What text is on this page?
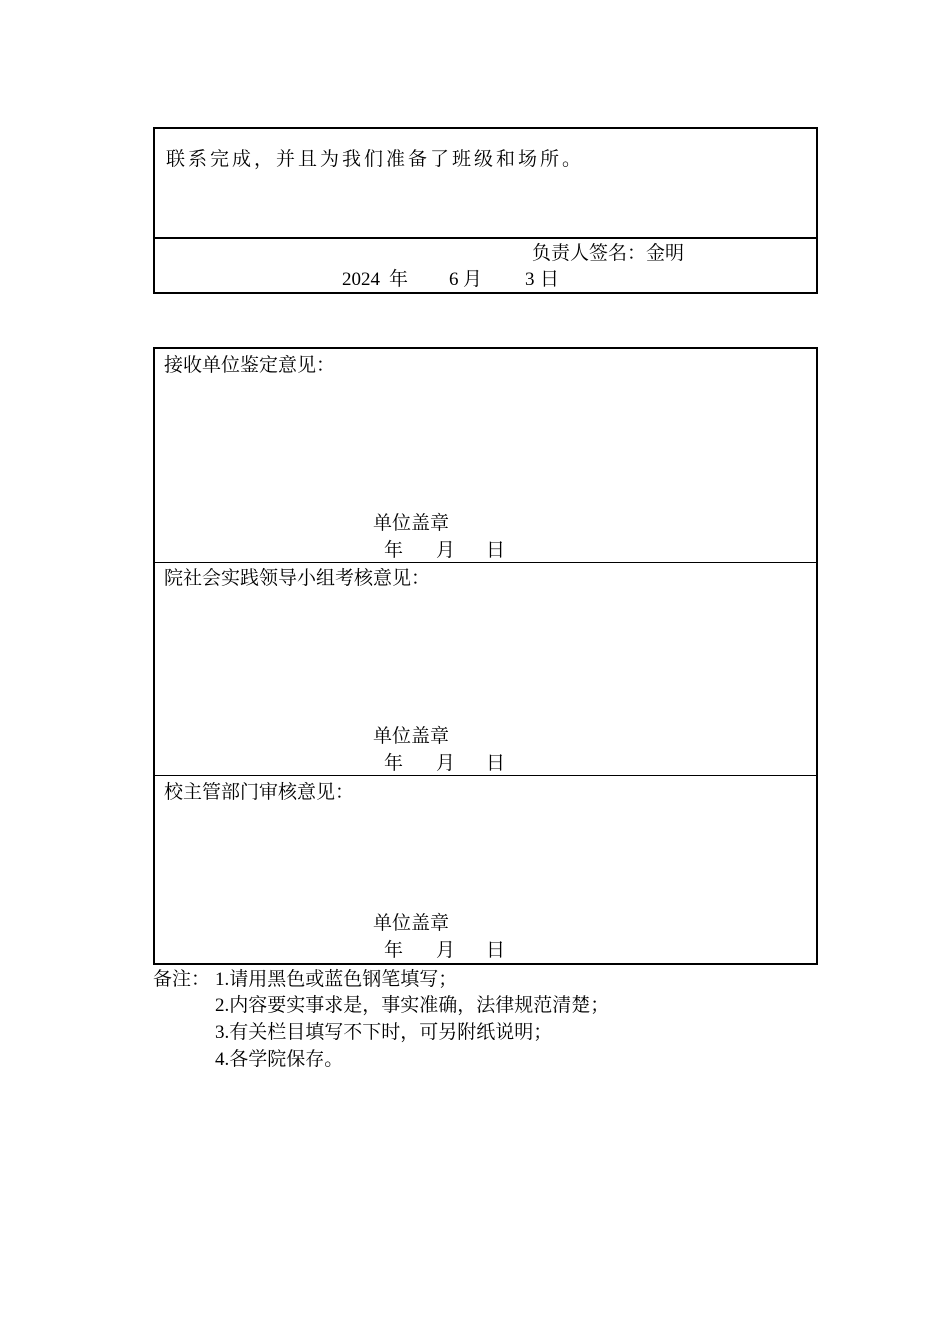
联系完成，并且为我们准备了班级和场所。
负责人签名：金明
2024 年 6 月 3 日
接收单位鉴定意见：
单位盖章
年 月 日
院社会实践领导小组考核意见：
单位盖章
年 月 日
校主管部门审核意见：
单位盖章
年 月 日
备注： 1.请用黑色或蓝色钢笔填写；
2.内容要实事求是，事实准确，法律规范清楚；
3.有关栏目填写不下时，可另附纸说明；
4.各学院保存。
